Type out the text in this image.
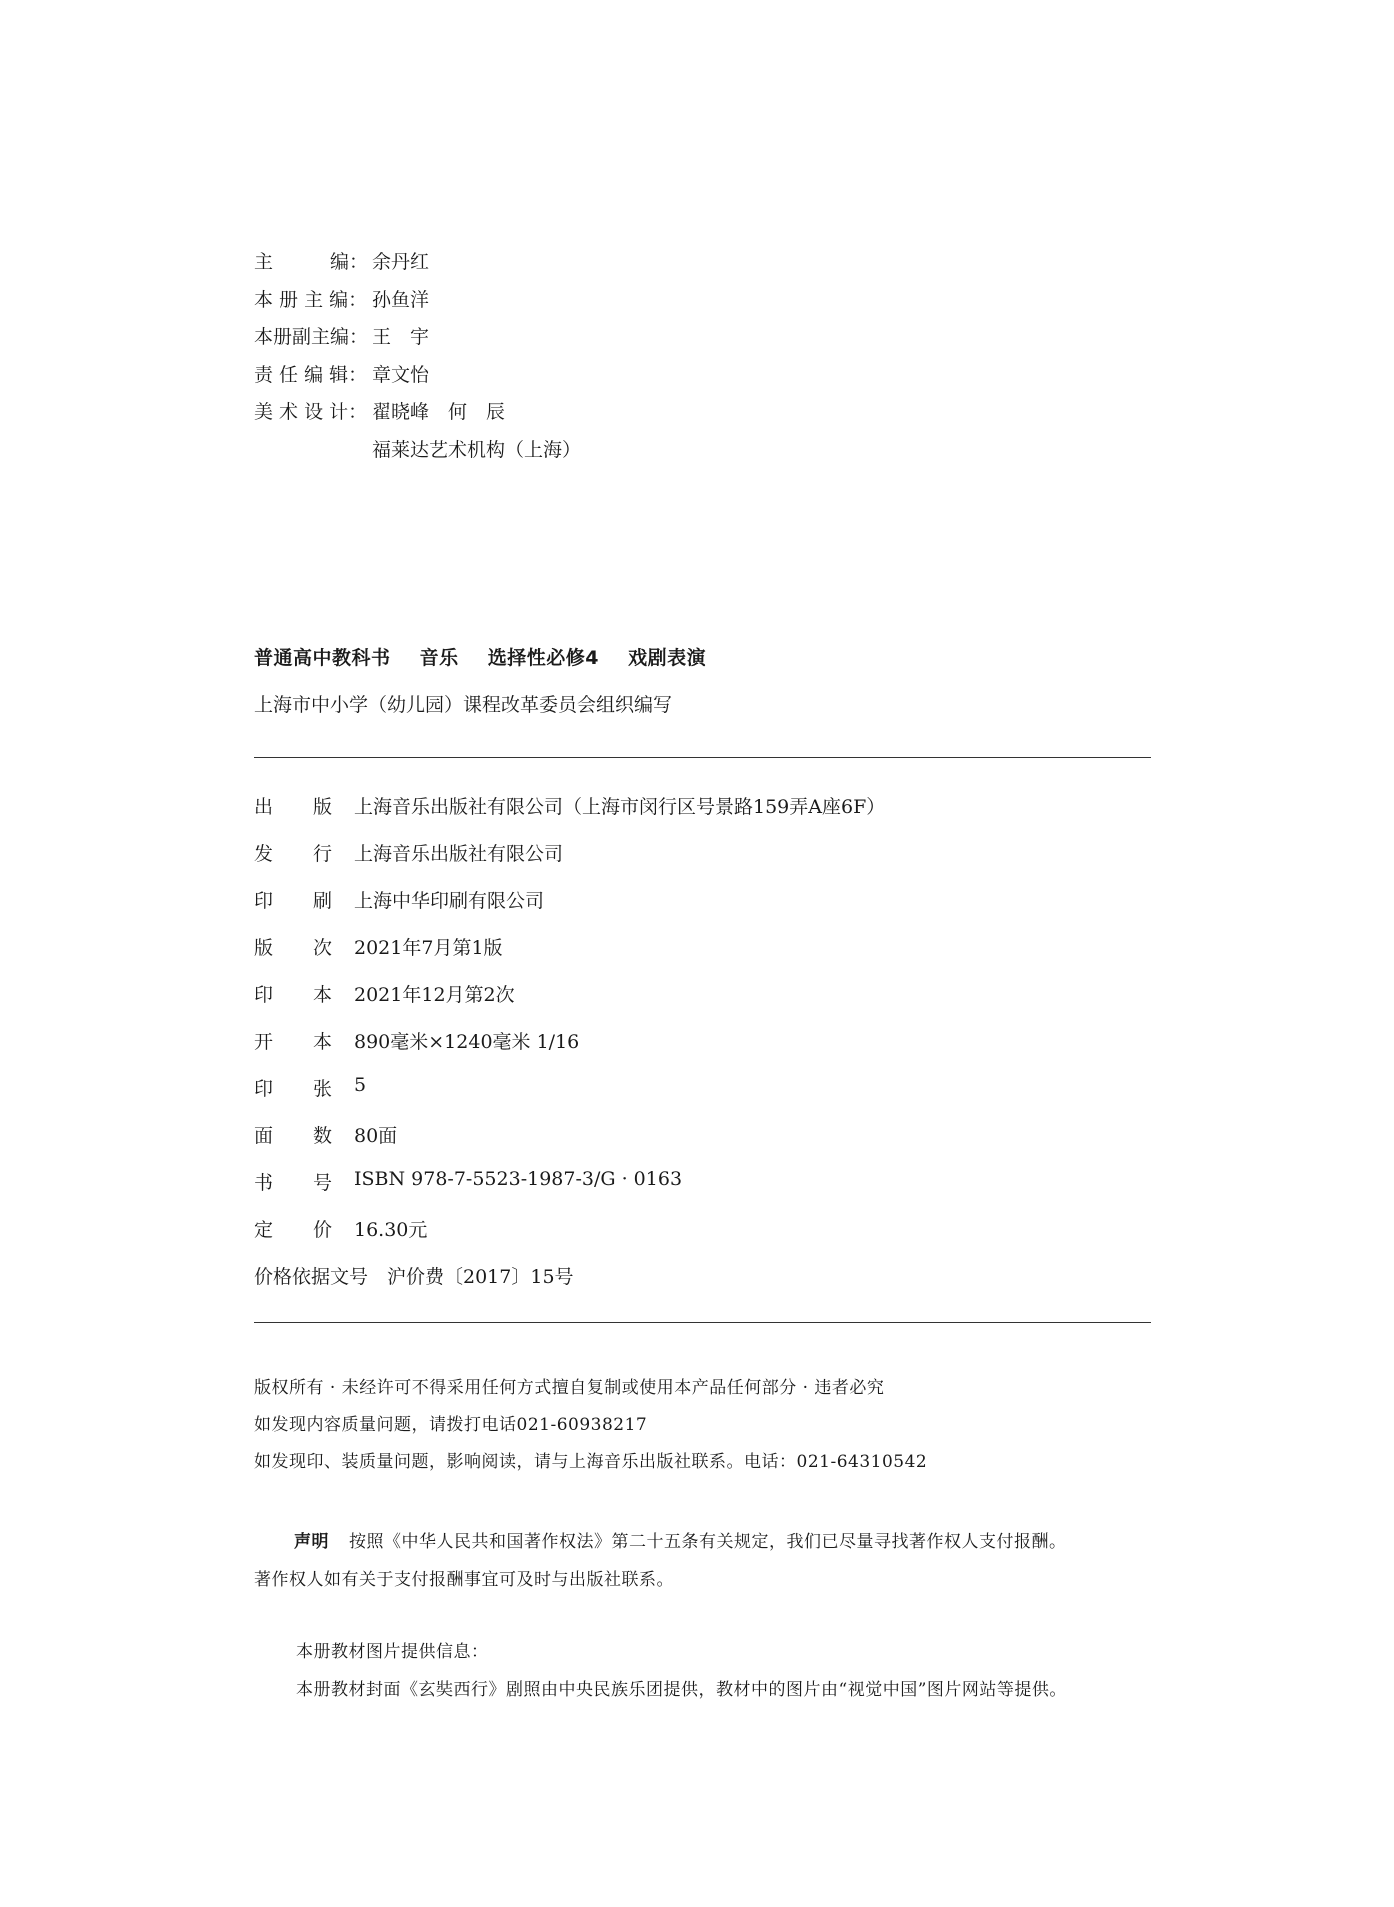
主　　　编： 余丹红
本 册 主 编： 孙鱼洋
本册副主编： 王　宇
责 任 编 辑： 章文怡
美 术 设 计： 翟晓峰　何　辰
福莱达艺术机构（上海）
普通高中教科书 音乐 选择性必修4 戏剧表演
上海市中小学（幼儿园）课程改革委员会组织编写
出 版 上海音乐出版社有限公司（上海市闵行区号景路159弄A座6F）
发 行 上海音乐出版社有限公司
印 刷 上海中华印刷有限公司
版 次 2021年7月第1版
印 本 2021年12月第2次
开 本 890毫米×1240毫米 1/16
印 张 5
面 数 80面
书 号 ISBN 978-7-5523-1987-3/G · 0163
定 价 16.30元
价格依据文号　沪价费〔2017〕15号
版权所有 · 未经许可不得采用任何方式擅自复制或使用本产品任何部分 · 违者必究
如发现内容质量问题，请拨打电话021-60938217
如发现印、装质量问题，影响阅读，请与上海音乐出版社联系。电话：021-64310542
声明 按照《中华人民共和国著作权法》第二十五条有关规定，我们已尽量寻找著作权人支付报酬。
著作权人如有关于支付报酬事宜可及时与出版社联系。
本册教材图片提供信息：
本册教材封面《玄奘西行》剧照由中央民族乐团提供，教材中的图片由“视觉中国”图片网站等提供。
